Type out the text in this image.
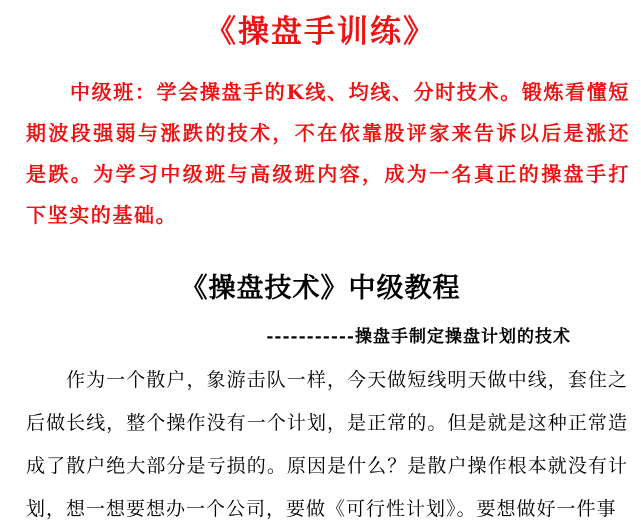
《操盘手训练》

中级班：学会操盘手的K线、均线、分时技术。锻炼看懂短期波段强弱与涨跌的技术，不在依靠股评家来告诉以后是涨还是跌。为学习中级班与高级班内容，成为一名真正的操盘手打下坚实的基础。

《操盘技术》中级教程
-----------操盘手制定操盘计划的技术

作为一个散户，象游击队一样，今天做短线明天做中线，套住之后做长线，整个操作没有一个计划，是正常的。但是就是这种正常造成了散户绝大部分是亏损的。原因是什么？是散户操作根本就没有计划，想一想要想办一个公司，要做《可行性计划》。要想做好一件事
